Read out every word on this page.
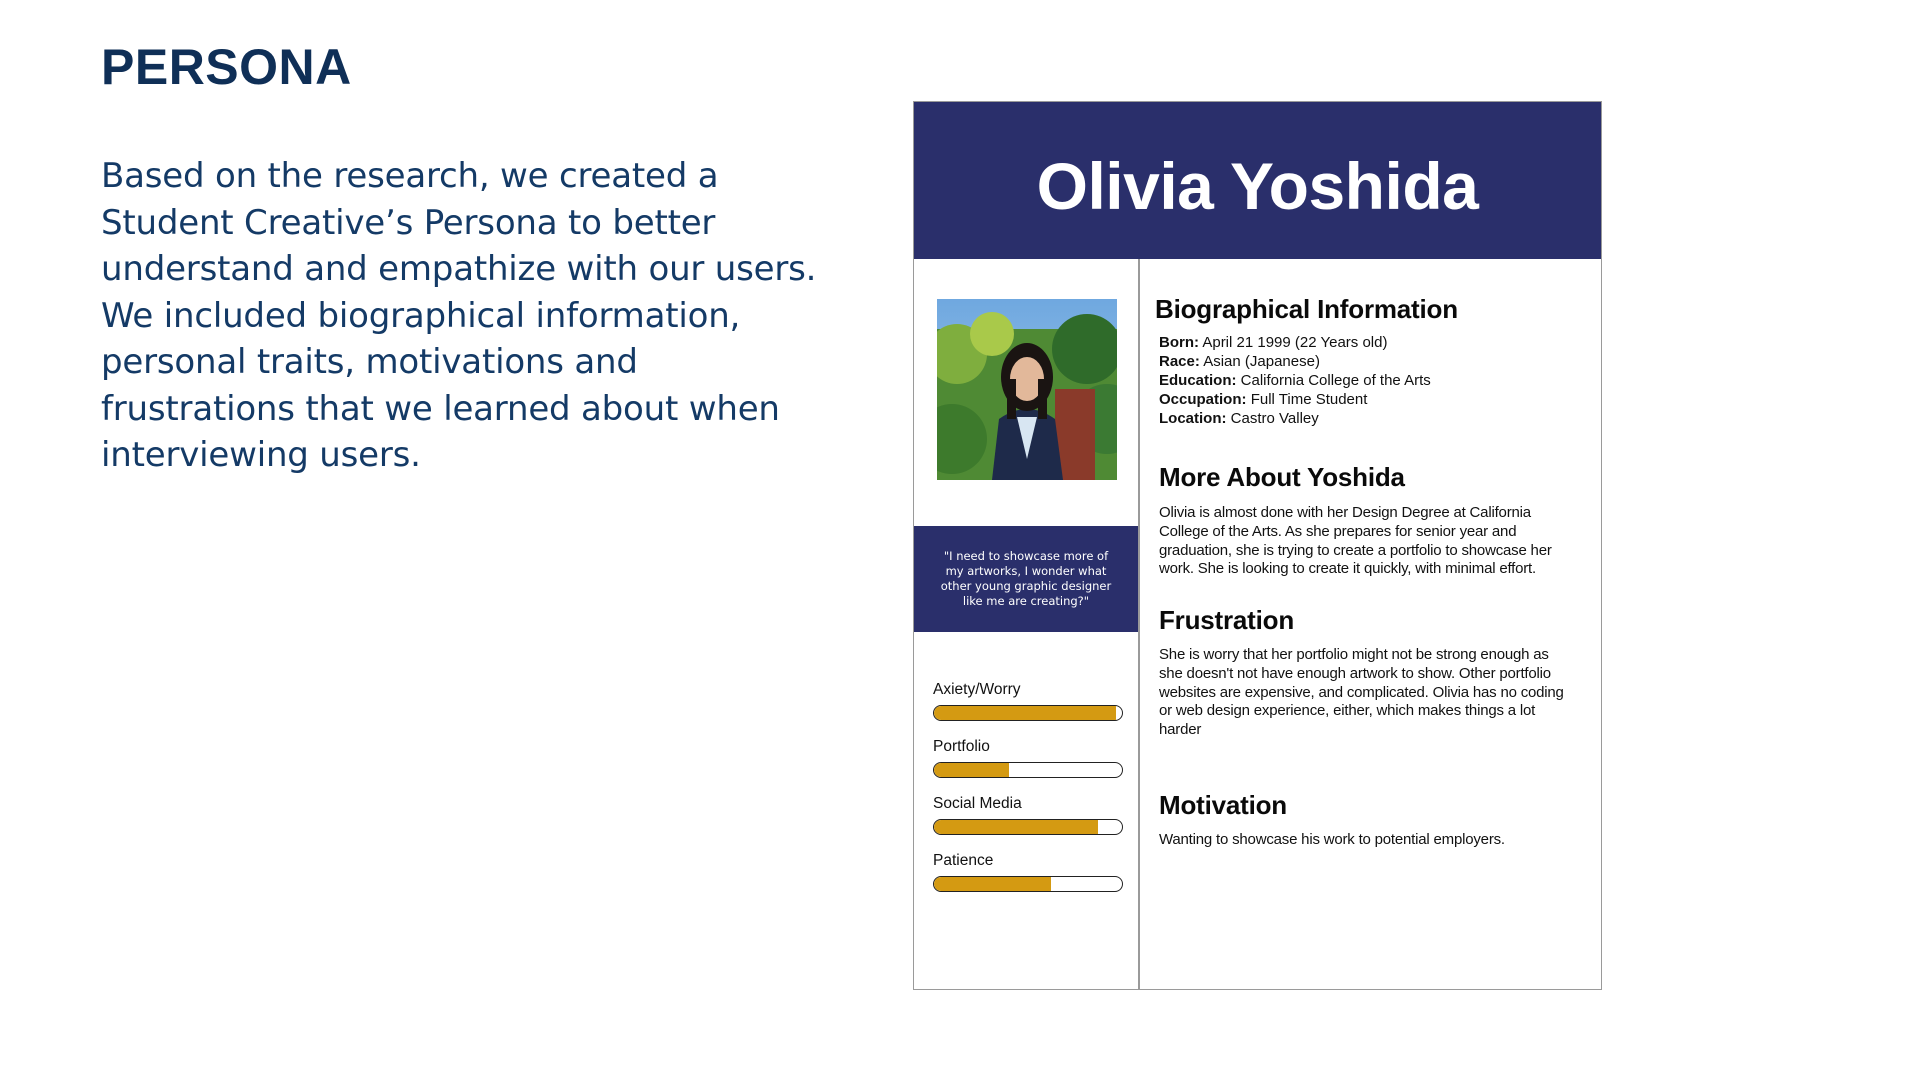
PERSONA
Based on the research, we created a Student Creative’s Persona to better understand and empathize with our users. We included biographical information, personal traits, motivations and frustrations that we learned about when interviewing users.
Olivia Yoshida
"I need to showcase more of my artworks, I wonder what other young graphic designer like me are creating?"
Axiety/Worry
Portfolio
Social Media
Patience
Biographical Information
Born: April 21 1999 (22 Years old)
Race: Asian (Japanese)
Education: California College of the Arts
Occupation: Full Time Student
Location: Castro Valley
More About Yoshida
Olivia is almost done with her Design Degree at California College of the Arts. As she prepares for senior year and graduation, she is trying to create a portfolio to showcase her work. She is looking to create it quickly, with minimal effort.
Frustration
She is worry that her portfolio might not be strong enough as she doesn't not have enough artwork to show. Other portfolio websites are expensive, and complicated. Olivia has no coding or web design experience, either, which makes things a lot harder
Motivation
Wanting to showcase his work to potential employers.
